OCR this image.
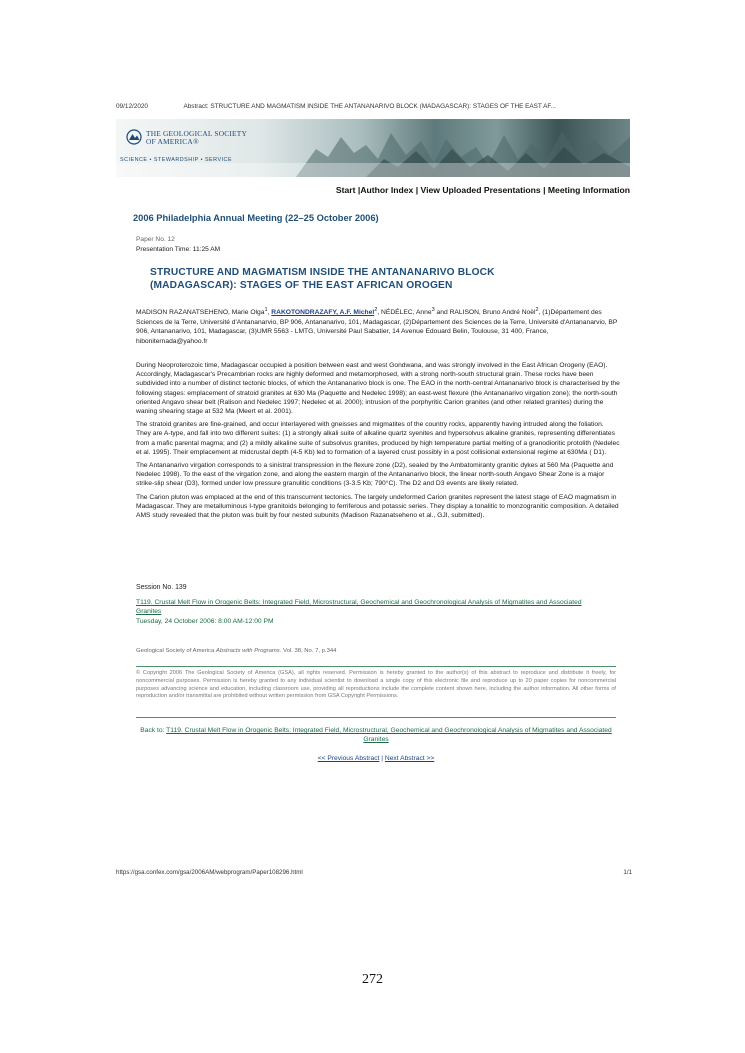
09/12/2020	Abstract: STRUCTURE AND MAGMATISM INSIDE THE ANTANANARIVO BLOCK (MADAGASCAR): STAGES OF THE EAST AF...
THE GEOLOGICAL SOCIETY
OF AMERICA®
SCIENCE • STEWARDSHIP • SERVICE
Start |Author Index | View Uploaded Presentations | Meeting Information
2006 Philadelphia Annual Meeting (22–25 October 2006)
Paper No. 12
Presentation Time: 11:25 AM
STRUCTURE AND MAGMATISM INSIDE THE ANTANANARIVO BLOCK
(MADAGASCAR): STAGES OF THE EAST AFRICAN OROGEN
MADISON RAZANATSEHENO, Marie Olga$^1$, RAKOTONDRAZAFY, A.F. Michel$^2$, NÉDÉLEC, Anne$^3$ and RALISON, Bruno André Noël$^2$, (1)Département des Sciences de la Terre, Université d'Antananarvio, BP 906, Antananarivo, 101, Madagascar, (2)Département des Sciences de la Terre, Université d'Antananarvio, BP 906, Antananarivo, 101, Madagascar, (3)UMR 5563 - LMTG, Université Paul Sabatier, 14 Avenue Edouard Belin, Toulouse, 31 400, France, hiboniternada@yahoo.fr

During Neoproterozoic time, Madagascar occupied a position between east and west Gondwana, and was strongly involved in the East African Orogeny (EAO). Accordingly, Madagascar's Precambrian rocks are highly deformed and metamorphosed, with a strong north-south structural grain. These rocks have been subdivided into a number of distinct tectonic blocks, of which the Antananarivo block is one. The EAO in the north-central Antananarivo block is characterised by the following stages: emplacement of stratoid granites at 630 Ma (Paquette and Nedelec 1998); an east-west flexure (the Antananarivo virgation zone); the north-south oriented Angavo shear belt (Ralison and Nedelec 1997; Nedelec et al. 2000); intrusion of the porphyritic Carion granites (and other related granites) during the waning shearing stage at 532 Ma (Meert et al. 2001).

The stratoid granites are fine-grained, and occur interlayered with gneisses and migmatites of the country rocks, apparently having intruded along the foliation. They are A-type, and fall into two different suites: (1) a strongly alkali suite of alkaline quartz syenites and hypersolvus alkaline granites, representing differentiates from a mafic parental magma; and (2) a mildly alkaline suite of subsolvus granites, produced by high temperature partial melting of a granodioritic protolith (Nedelec et al. 1995). Their emplacement at midcrustal depth (4-5 Kb) led to formation of a layered crust possibly in a post collisional extensional regime at 630Ma ( D1).

The Antananarivo virgation corresponds to a sinistral transpression in the flexure zone (D2), sealed by the Ambatomiranty granitic dykes at 560 Ma (Paquette and Nedelec 1998). To the east of the virgation zone, and along the eastern margin of the Antananarivo block, the linear north-south Angavo Shear Zone is a major strike-slip shear (D3), formed under low pressure granulitic conditions (3-3.5 Kb; 790°C). The D2 and D3 events are likely related.

The Carion pluton was emplaced at the end of this transcurrent tectonics. The largely undeformed Carion granites represent the latest stage of EAO magmatism in Madagascar. They are metalluminous I-type granitoids belonging to ferriferous and potassic series. They display a tonalitic to monzogranitic composition. A detailed AMS study revealed that the pluton was built by four nested subunits (Madison Razanatseheno et al., GJI, submitted).

Session No. 139
T119. Crustal Melt Flow in Orogenic Belts: Integrated Field, Microstructural, Geochemical and Geochronological Analysis of Migmatites and Associated Granites
Tuesday, 24 October 2006: 8:00 AM-12:00 PM
Geological Society of America Abstracts with Programs. Vol. 38, No. 7, p.344
© Copyright 2006 The Geological Society of America (GSA), all rights reserved. Permission is hereby granted to the author(s) of this abstract to reproduce and distribute it freely, for noncommercial purposes. Permission is hereby granted to any individual scientist to download a single copy of this electronic file and reproduce up to 20 paper copies for noncommercial purposes advancing science and education, including classroom use, providing all reproductions include the complete content shown here, including the author information. All other forms of reproduction and/or transmittal are prohibited without written permission from GSA Copyright Permissions.
Back to: T119. Crustal Melt Flow in Orogenic Belts: Integrated Field, Microstructural, Geochemical and Geochronological Analysis of Migmatites and Associated Granites
<< Previous Abstract | Next Abstract >>
https://gsa.confex.com/gsa/2006AM/webprogram/Paper108296.html	1/1
272
